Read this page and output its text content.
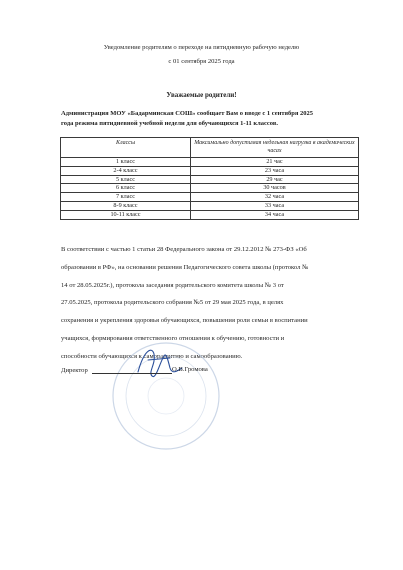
Уведомление родителям о переходе на пятидневную рабочую неделю
с 01 сентября 2025 года
Уважаемые родители!
Администрация МОУ «Бадарминская СОШ» сообщает Вам о вводе с 1 сентября 2025
года режима пятидневной учебной недели для обучающихся 1-11 классов.
Классы	Максимально допустимая недельная нагрузка в академических часах
1 класс	21 час
2-4 класс	23 часа
5 класс	29 час
6 класс	30 часов
7 класс	32 часа
8-9 класс	33 часа
10-11 класс	34 часа
В соответствии с частью 1 статьи 28 Федерального закона от 29.12.2012 № 273-ФЗ «Об
образовании в РФ», на основании решения Педагогического совета школы (протокол №
14 от 28.05.2025г.), протокола заседания родительского комитета школы № 3 от
27.05.2025, протокола родительского собрания №5 от 29 мая 2025 года, в целях
сохранения и укрепления здоровья обучающихся, повышения роли семьи в воспитании
учащихся, формирования ответственного отношения к обучению, готовности и
способности обучающихся к саморазвитию и самообразованию.
Директор	О.В.Громова
